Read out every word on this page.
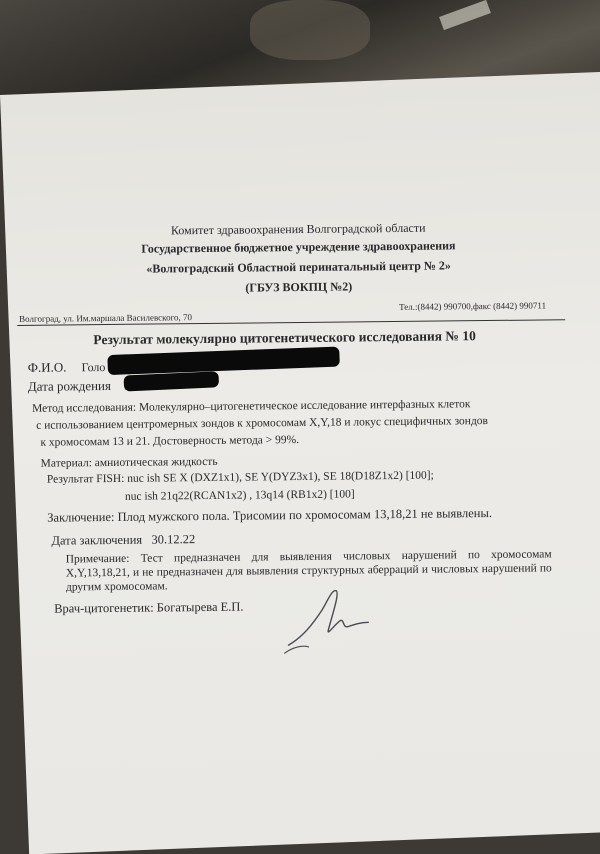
Комитет здравоохранения Волгоградской области
Государственное бюджетное учреждение здравоохранения
«Волгоградский Областной перинатальный центр № 2»
(ГБУЗ ВОКПЦ №2)
Волгоград, ул. Им.маршала Василевского, 70
Тел.:(8442) 990700,факс (8442) 990711
Результат молекулярно цитогенетического исследования № 10
Ф.И.О. Голо
Дата рождения
Метод исследования: Молекулярно–цитогенетическое исследование интерфазных клеток
с использованием центромерных зондов к хромосомам X,Y,18 и локус специфичных зондов
к хромосомам 13 и 21. Достоверность метода > 99%.
Материал: амниотическая жидкость
Результат FISH: nuc ish SE X (DXZ1x1), SE Y(DYZ3x1), SE 18(D18Z1x2) [100];
nuc ish 21q22(RCAN1x2) , 13q14 (RB1x2) [100]
Заключение: Плод мужского пола. Трисомии по хромосомам 13,18,21 не выявлены.
Дата заключения 30.12.22
Примечание: Тест предназначен для выявления числовых нарушений по хромосомам X,Y,13,18,21, и не предназначен для выявления структурных аберраций и числовых нарушений по другим хромосомам.
Врач-цитогенетик: Богатырева Е.П.
